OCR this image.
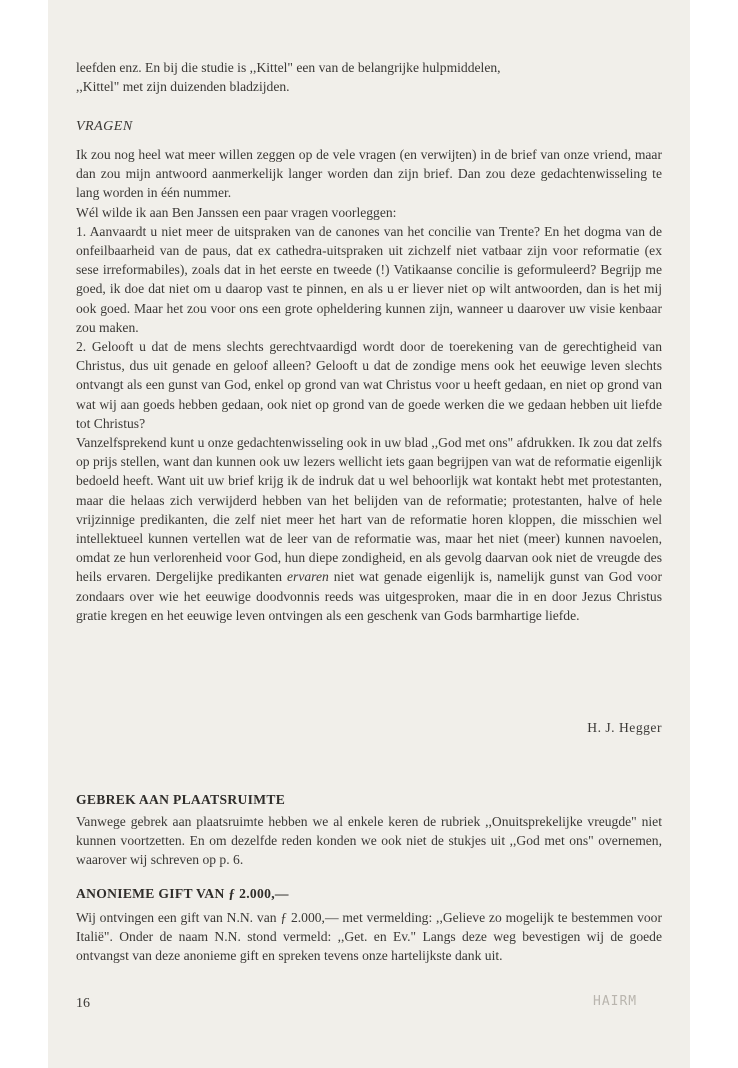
leefden enz. En bij die studie is ,,Kittel" een van de belangrijke hulpmiddelen,

,,Kittel" met zijn duizenden bladzijden.

VRAGEN

Ik zou nog heel wat meer willen zeggen op de vele vragen (en verwijten) in de brief van onze vriend, maar dan zou mijn antwoord aanmerkelijk langer worden dan zijn brief. Dan zou deze gedachtenwisseling te lang worden in één nummer.

Wél wilde ik aan Ben Janssen een paar vragen voorleggen:

1. Aanvaardt u niet meer de uitspraken van de canones van het concilie van Trente? En het dogma van de onfeilbaarheid van de paus, dat ex cathedra-uitspraken uit zichzelf niet vatbaar zijn voor reformatie (ex sese irreformabiles), zoals dat in het eerste en tweede (!) Vatikaanse concilie is geformuleerd? Begrijp me goed, ik doe dat niet om u daarop vast te pinnen, en als u er liever niet op wilt antwoorden, dan is het mij ook goed. Maar het zou voor ons een grote opheldering kunnen zijn, wanneer u daarover uw visie kenbaar zou maken.

2. Gelooft u dat de mens slechts gerechtvaardigd wordt door de toerekening van de gerechtigheid van Christus, dus uit genade en geloof alleen? Gelooft u dat de zondige mens ook het eeuwige leven slechts ontvangt als een gunst van God, enkel op grond van wat Christus voor u heeft gedaan, en niet op grond van wat wij aan goeds hebben gedaan, ook niet op grond van de goede werken die we gedaan hebben uit liefde tot Christus?

Vanzelfsprekend kunt u onze gedachtenwisseling ook in uw blad ,,God met ons" afdrukken. Ik zou dat zelfs op prijs stellen, want dan kunnen ook uw lezers wellicht iets gaan begrijpen van wat de reformatie eigenlijk bedoeld heeft. Want uit uw brief krijg ik de indruk dat u wel behoorlijk wat kontakt hebt met protestanten, maar die helaas zich verwijderd hebben van het belijden van de reformatie; protestanten, halve of hele vrijzinnige predikanten, die zelf niet meer het hart van de reformatie horen kloppen, die misschien wel intellektueel kunnen vertellen wat de leer van de reformatie was, maar het niet (meer) kunnen navoelen, omdat ze hun verlorenheid voor God, hun diepe zondigheid, en als gevolg daarvan ook niet de vreugde des heils ervaren. Dergelijke predikanten ervaren niet wat genade eigenlijk is, namelijk gunst van God voor zondaars over wie het eeuwige doodvonnis reeds was uitgesproken, maar die in en door Jezus Christus gratie kregen en het eeuwige leven ontvingen als een geschenk van Gods barmhartige liefde.

H. J. Hegger
GEBREK AAN PLAATSRUIMTE

Vanwege gebrek aan plaatsruimte hebben we al enkele keren de rubriek ,,Onuitsprekelijke vreugde" niet kunnen voortzetten. En om dezelfde reden konden we ook niet de stukjes uit ,,God met ons" overnemen, waarover wij schreven op p. 6.

ANONIEME GIFT VAN ƒ 2.000,—

Wij ontvingen een gift van N.N. van ƒ 2.000,— met vermelding: ,,Gelieve zo mogelijk te bestemmen voor Italië". Onder de naam N.N. stond vermeld: ,,Get. en Ev." Langs deze weg bevestigen wij de goede ontvangst van deze anonieme gift en spreken tevens onze hartelijkste dank uit.

16	HAIRM
